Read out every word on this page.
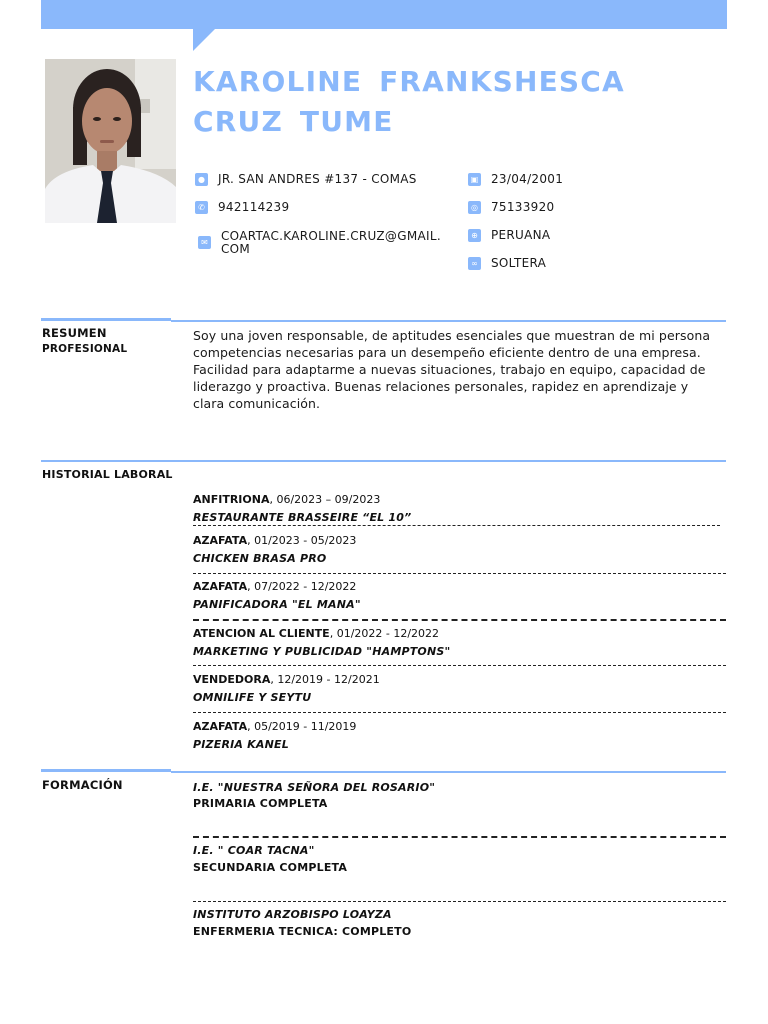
KAROLINE FRANKSHESCA CRUZ TUME
● JR. SAN ANDRES #137 - COMAS
✆ 942114239
✉ COARTAC.KAROLINE.CRUZ@GMAIL.
COM
▣ 23/04/2001
◎ 75133920
⊕ PERUANA
∞ SOLTERA
RESUMEN
PROFESIONAL
Soy una joven responsable, de aptitudes esenciales que muestran de mi persona competencias necesarias para un desempeño eficiente dentro de una empresa. Facilidad para adaptarme a nuevas situaciones, trabajo en equipo, capacidad de liderazgo y proactiva. Buenas relaciones personales, rapidez en aprendizaje y clara comunicación.
HISTORIAL LABORAL
ANFITRIONA, 06/2023 – 09/2023
RESTAURANTE BRASSEIRE “EL 10”
AZAFATA, 01/2023 - 05/2023
CHICKEN BRASA PRO
AZAFATA, 07/2022 - 12/2022
PANIFICADORA "EL MANA"
ATENCION AL CLIENTE, 01/2022 - 12/2022
MARKETING Y PUBLICIDAD "HAMPTONS"
VENDEDORA, 12/2019 - 12/2021
OMNILIFE Y SEYTU
AZAFATA, 05/2019 - 11/2019
PIZERIA KANEL
FORMACIÓN	I.E. "NUESTRA SEÑORA DEL ROSARIO"
PRIMARIA COMPLETA
I.E. " COAR TACNA"
SECUNDARIA COMPLETA
INSTITUTO ARZOBISPO LOAYZA
ENFERMERIA TECNICA: COMPLETO
